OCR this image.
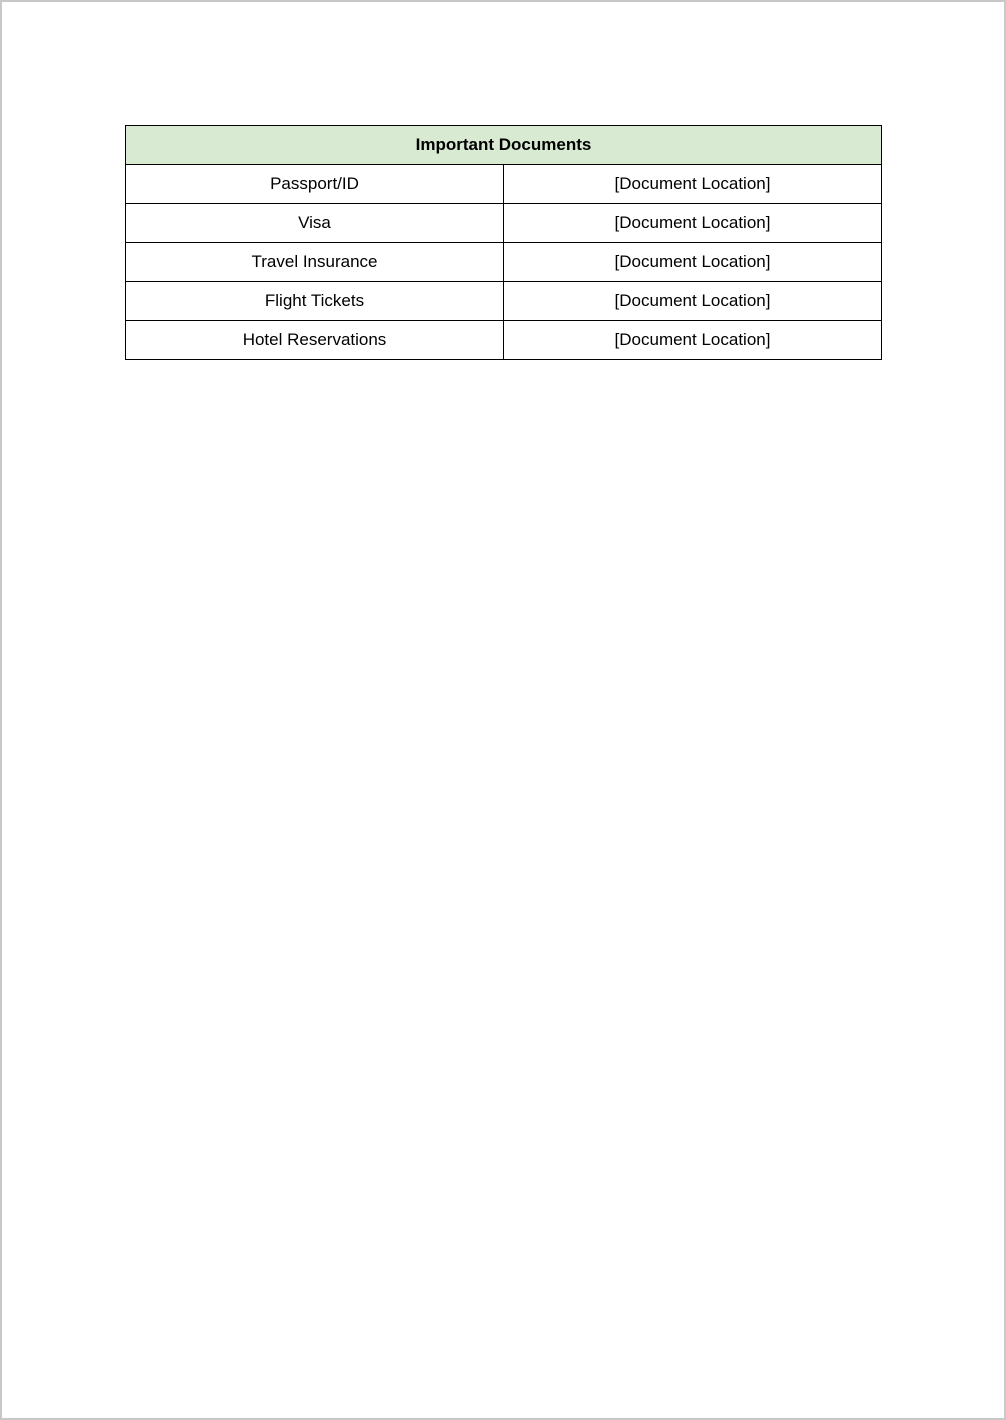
Important Documents	
Passport/ID	[Document Location]
Visa	[Document Location]
Travel Insurance	[Document Location]
Flight Tickets	[Document Location]
Hotel Reservations	[Document Location]
